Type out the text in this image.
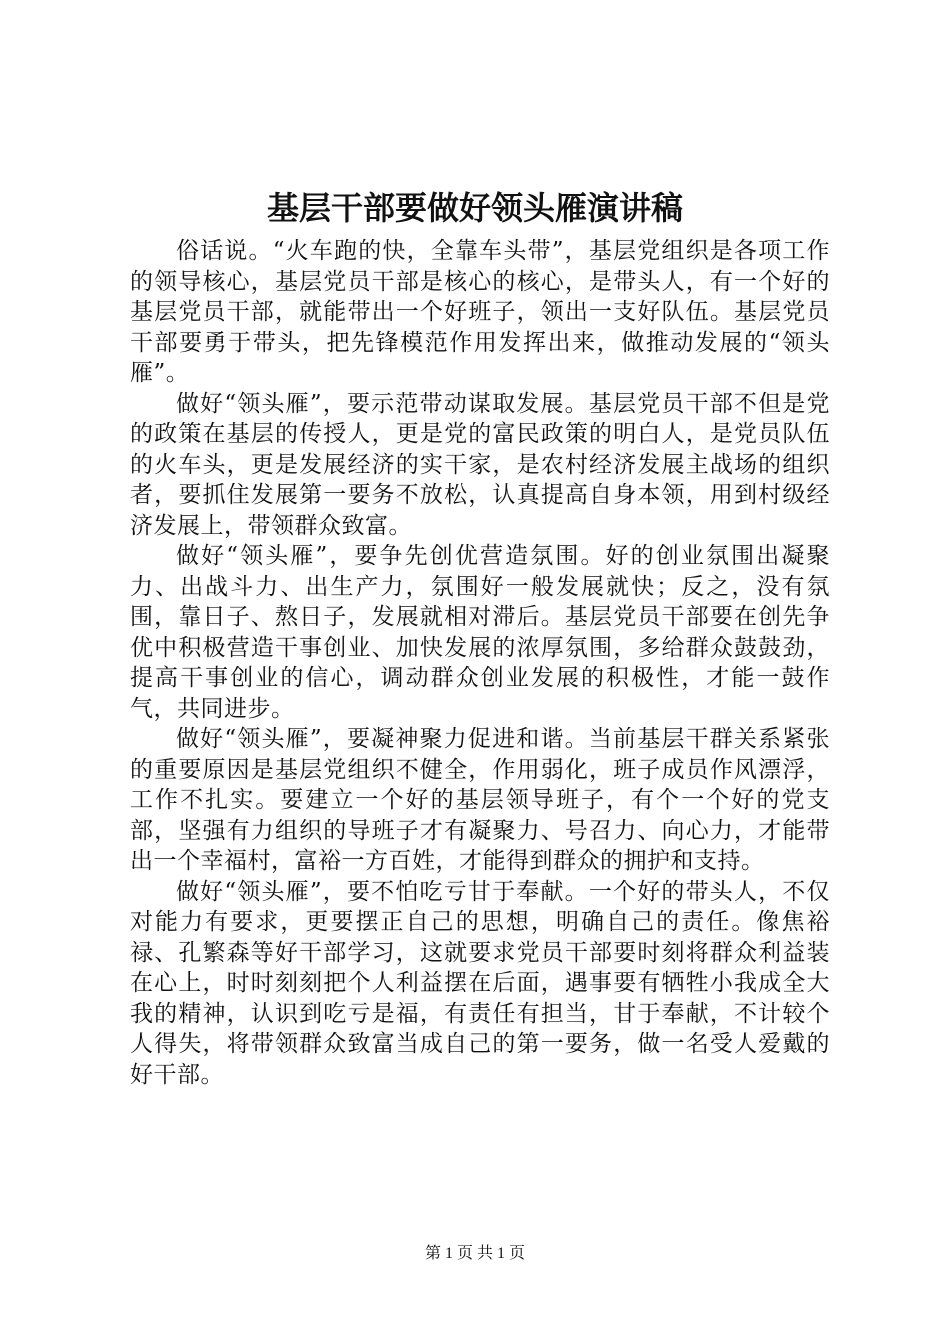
基层干部要做好领头雁演讲稿

俗话说。“火车跑的快，全靠车头带”，基层党组织是各项工作的领导核心，基层党员干部是核心的核心，是带头人，有一个好的基层党员干部，就能带出一个好班子，领出一支好队伍。基层党员干部要勇于带头，把先锋模范作用发挥出来，做推动发展的“领头雁”。

做好“领头雁”，要示范带动谋取发展。基层党员干部不但是党的政策在基层的传授人，更是党的富民政策的明白人，是党员队伍的火车头，更是发展经济的实干家，是农村经济发展主战场的组织者，要抓住发展第一要务不放松，认真提高自身本领，用到村级经济发展上，带领群众致富。

做好“领头雁”，要争先创优营造氛围。好的创业氛围出凝聚力、出战斗力、出生产力，氛围好一般发展就快；反之，没有氛围，靠日子、熬日子，发展就相对滞后。基层党员干部要在创先争优中积极营造干事创业、加快发展的浓厚氛围，多给群众鼓鼓劲，提高干事创业的信心，调动群众创业发展的积极性，才能一鼓作气，共同进步。

做好“领头雁”，要凝神聚力促进和谐。当前基层干群关系紧张的重要原因是基层党组织不健全，作用弱化，班子成员作风漂浮，工作不扎实。要建立一个好的基层领导班子，有个一个好的党支部，坚强有力组织的导班子才有凝聚力、号召力、向心力，才能带出一个幸福村，富裕一方百姓，才能得到群众的拥护和支持。

做好“领头雁”，要不怕吃亏甘于奉献。一个好的带头人，不仅对能力有要求，更要摆正自己的思想，明确自己的责任。像焦裕禄、孔繁森等好干部学习，这就要求党员干部要时刻将群众利益装在心上，时时刻刻把个人利益摆在后面，遇事要有牺牲小我成全大我的精神，认识到吃亏是福，有责任有担当，甘于奉献，不计较个人得失，将带领群众致富当成自己的第一要务，做一名受人爱戴的好干部。

第 1 页 共 1 页
